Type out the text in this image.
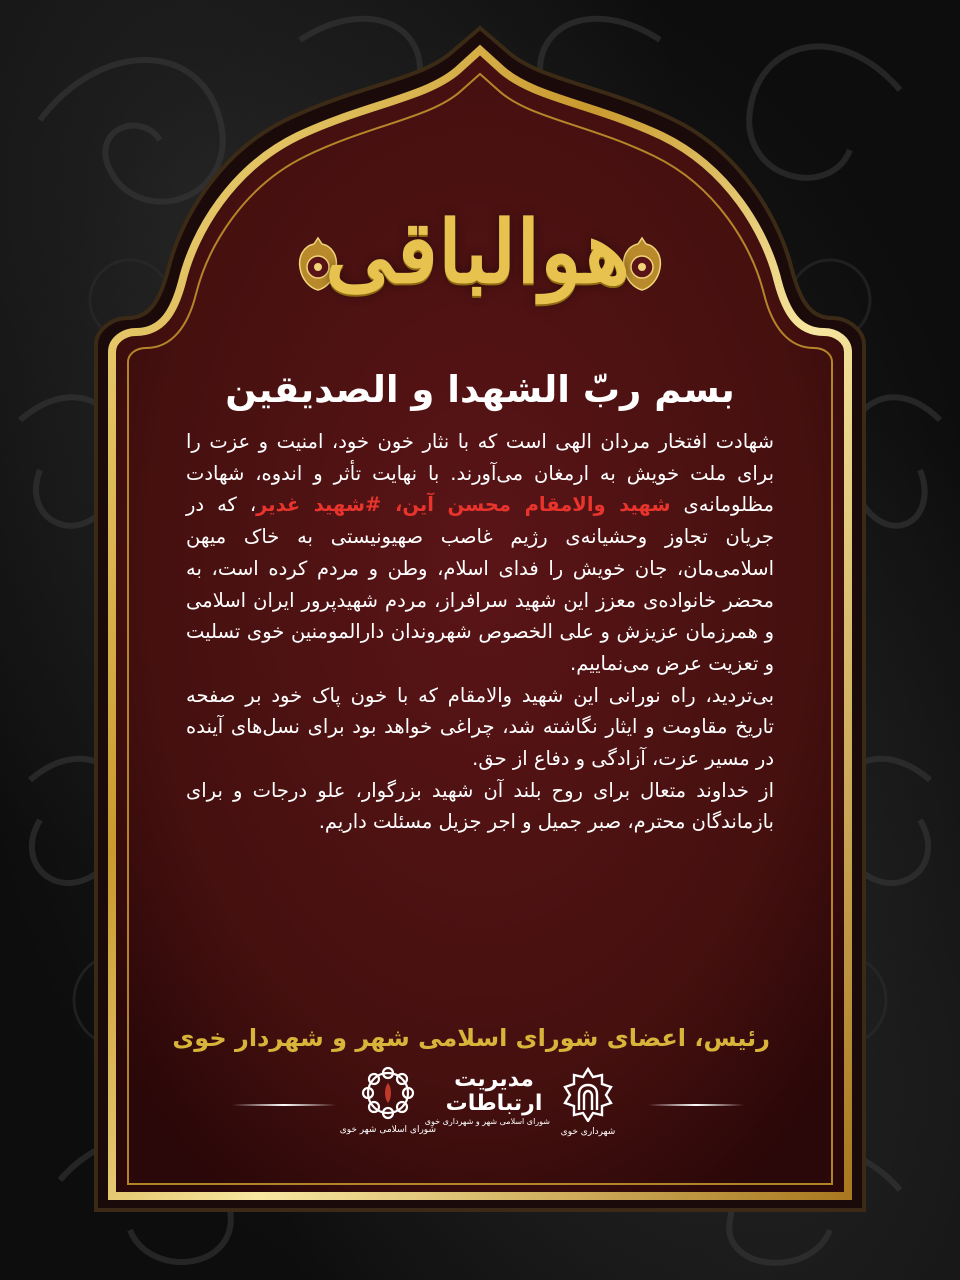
هوالباقی
بسم ربّ الشهدا و الصدیقین

شهادت افتخار مردان الهی است که با نثار خون خود، امنیت و عزت را برای ملت خویش به ارمغان می‌آورند. با نهایت تأثر و اندوه، شهادت مظلومانه‌ی شهید والامقام محسن آین، #شهید غدیر، که در جریان تجاوز وحشیانه‌ی رژیم غاصب صهیونیستی به خاک میهن اسلامی‌مان، جان خویش را فدای اسلام، وطن و مردم کرده است، به محضر خانواده‌ی معزز این شهید سرافراز، مردم شهیدپرور ایران اسلامی و همرزمان عزیزش و علی الخصوص شهروندان دارالمومنین خوی تسلیت و تعزیت عرض می‌نماییم.

بی‌تردید، راه نورانی این شهید والامقام که با خون پاک خود بر صفحه تاریخ مقاومت و ایثار نگاشته شد، چراغی خواهد بود برای نسل‌های آینده در مسیر عزت، آزادگی و دفاع از حق.

از خداوند متعال برای روح بلند آن شهید بزرگوار، علو درجات و برای بازماندگان محترم، صبر جمیل و اجر جزیل مسئلت داریم.

رئیس، اعضای شورای اسلامی شهر و شهردار خوی
شهرداری خوی
مدیریت
ارتباطات
شورای اسلامی شهر و شهرداری خوی
شورای اسلامی شهر خوی
